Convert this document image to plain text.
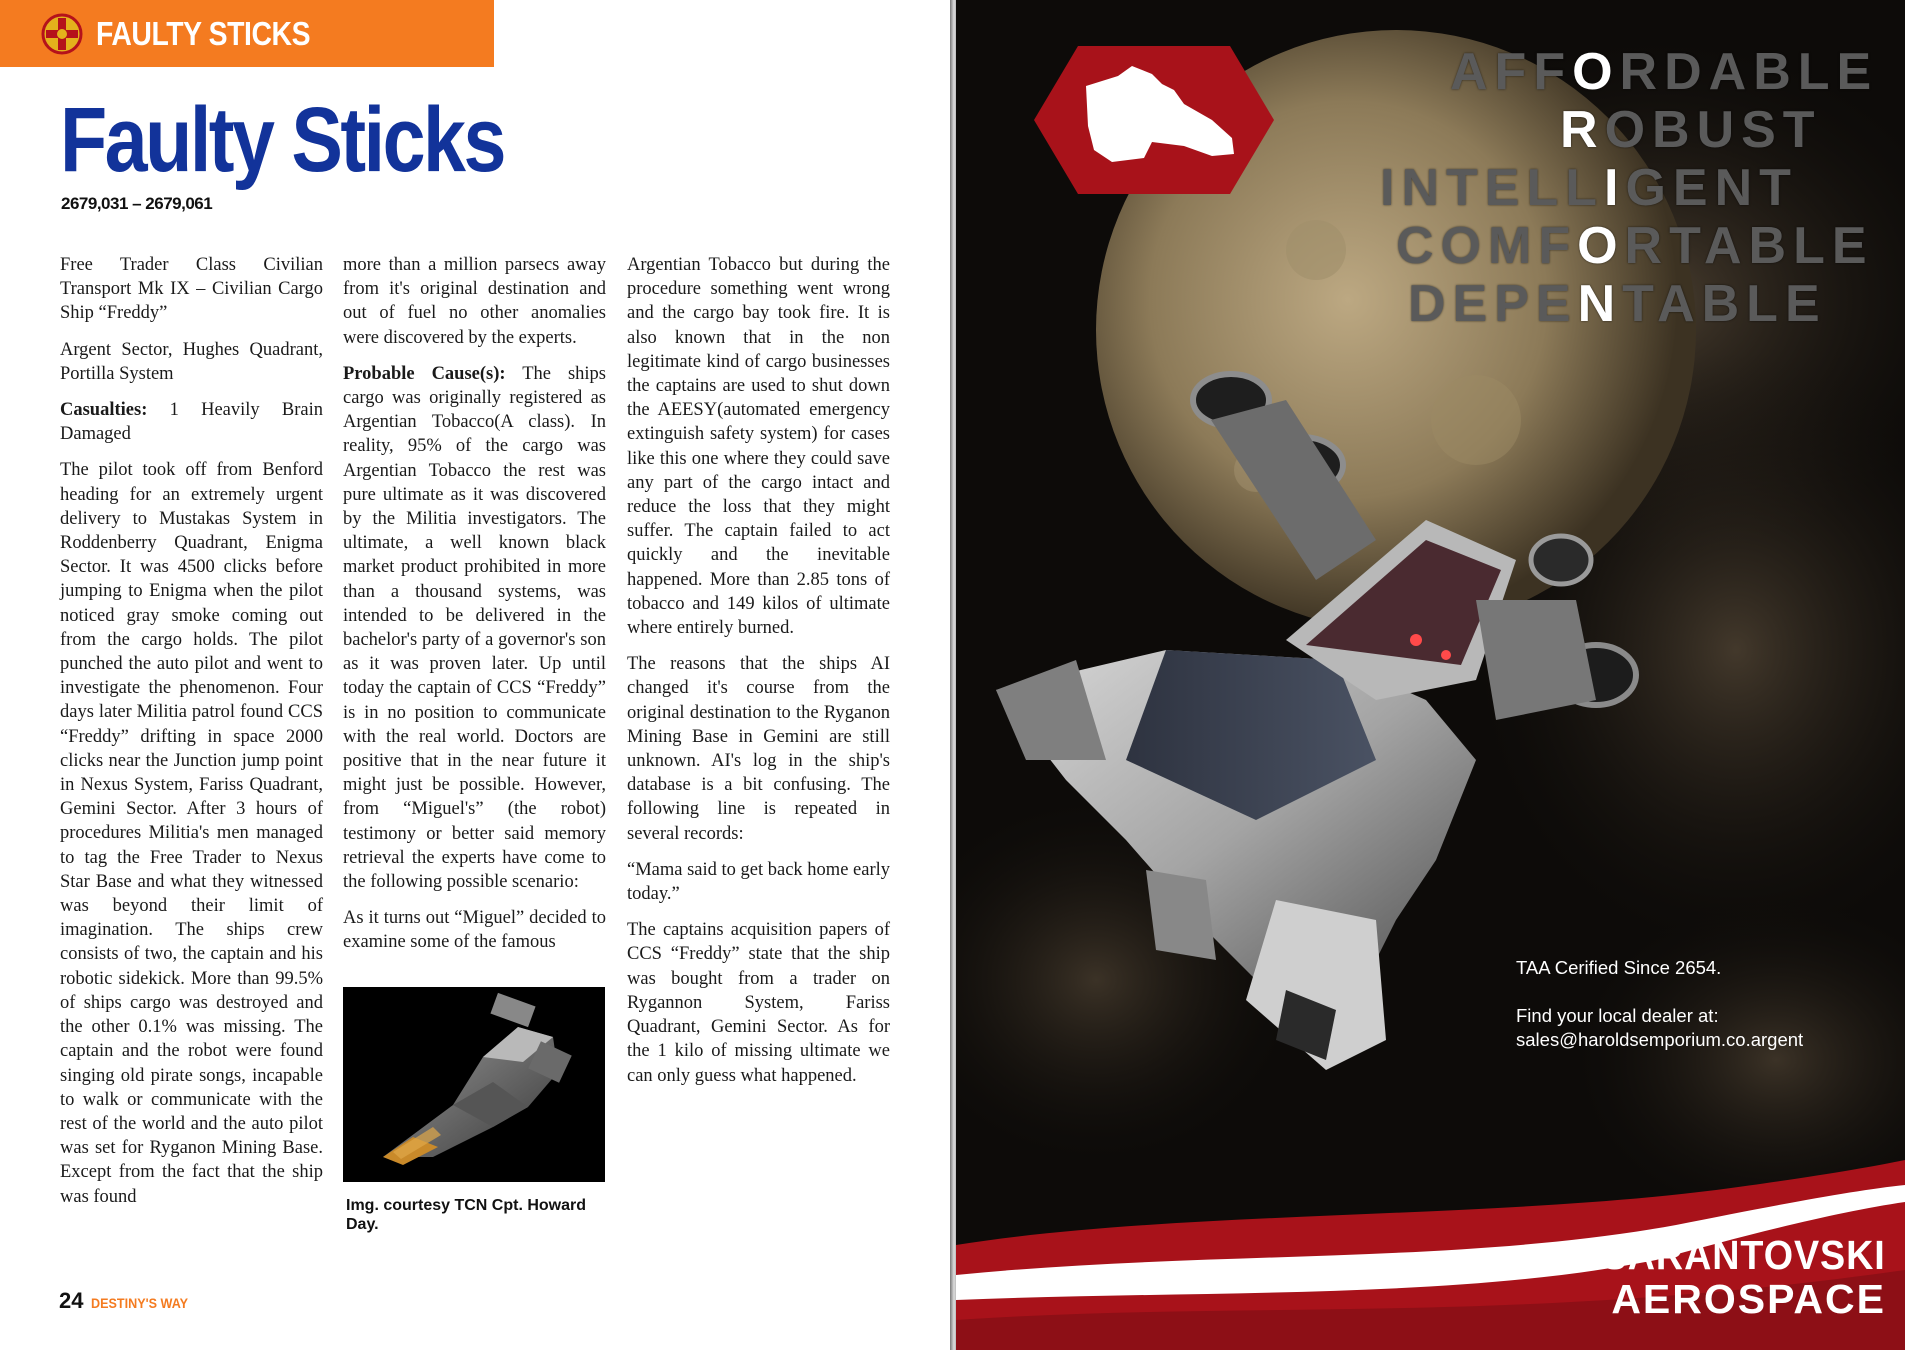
FAULTY STICKS
Faulty Sticks
2679,031 – 2679,061

Free Trader Class Civilian Transport Mk IX – Civilian Cargo Ship “Freddy”

Argent Sector, Hughes Quadrant, Portilla System

Casualties: 1 Heavily Brain Damaged

The pilot took off from Benford heading for an extremely urgent delivery to Mustakas System in Roddenberry Quadrant, Enigma Sector. It was 4500 clicks before jumping to Enigma when the pilot noticed gray smoke coming out from the cargo holds. The pilot punched the auto pilot and went to investigate the phenomenon. Four days later Militia patrol found CCS “Freddy” drifting in space 2000 clicks near the Junction jump point in Nexus System, Fariss Quadrant, Gemini Sector. After 3 hours of procedures Militia's men managed to tag the Free Trader to Nexus Star Base and what they witnessed was beyond their limit of imagination. The ships crew consists of two, the captain and his robotic sidekick. More than 99.5% of ships cargo was destroyed and the other 0.1% was missing. The captain and the robot were found singing old pirate songs, incapable to walk or communicate with the rest of the world and the auto pilot was set for Ryganon Mining Base. Except from the fact that the ship was found

more than a million parsecs away from it's original destination and out of fuel no other anomalies were discovered by the experts.

Probable Cause(s): The ships cargo was originally registered as Argentian Tobacco(A class). In reality, 95% of the cargo was Argentian Tobacco the rest was pure ultimate as it was discovered by the Militia investigators. The ultimate, a well known black market product prohibited in more than a thousand systems, was intended to be delivered in the bachelor's party of a governor's son as it was proven later. Up until today the captain of CCS “Freddy” is in no position to communicate with the real world. Doctors are positive that in the near future it might just be possible. However, from “Miguel's” (the robot) testimony or better said memory retrieval the experts have come to the following possible scenario:

As it turns out “Miguel” decided to examine some of the famous

Img. courtesy TCN Cpt. Howard Day.

Argentian Tobacco but during the procedure something went wrong and the cargo bay took fire. It is also known that in the non legitimate kind of cargo businesses the captains are used to shut down the AEESY(automated emergency extinguish safety system) for cases like this one where they could save any part of the cargo intact and reduce the loss that they might suffer. The captain failed to act quickly and the inevitable happened. More than 2.85 tons of tobacco and 149 kilos of ultimate where entirely burned.

The reasons that the ships AI changed it's course from the original destination to the Ryganon Mining Base in Gemini are still unknown. AI's log in the ship's database is a bit confusing. The following line is repeated in several records:

“Mama said to get back home early today.”

The captains acquisition papers of CCS “Freddy” state that the ship was bought from a trader on Rygannon System, Fariss Quadrant, Gemini Sector. As for the 1 kilo of missing ultimate we can only guess what happened.

24 DESTINY'S WAY
AFFORDABLE
ROBUST
INTELLIGENT
COMFORTABLE
DEPENTABLE
TAA Cerified Since 2654.
Find your local dealer at:
sales@haroldsemporium.co.argent
SARANTOVSKI
AEROSPACE
